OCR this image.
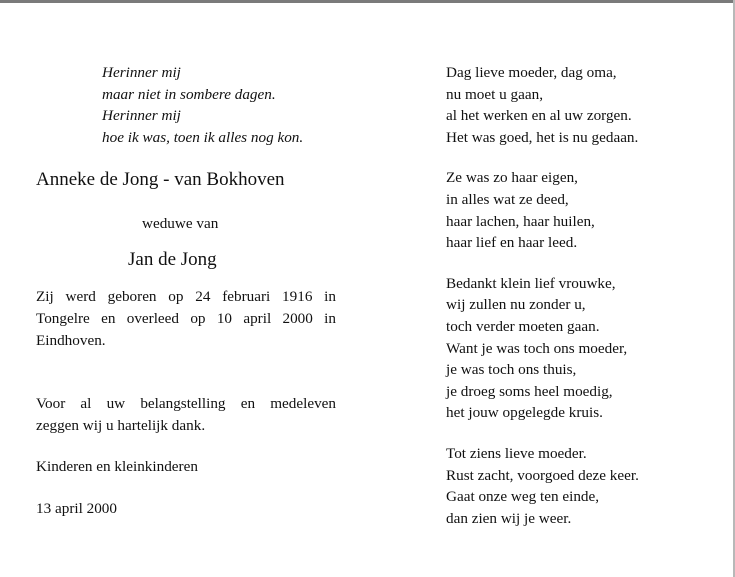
Herinner mij
maar niet in sombere dagen.
Herinner mij
hoe ik was, toen ik alles nog kon.
Anneke de Jong - van Bokhoven
weduwe van
Jan de Jong
Zij werd geboren op 24 februari 1916 in
Tongelre en overleed op 10 april 2000 in
Eindhoven.
Voor al uw belangstelling en medeleven
zeggen wij u hartelijk dank.
Kinderen en kleinkinderen
13 april 2000
Dag lieve moeder, dag oma,
nu moet u gaan,
al het werken en al uw zorgen.
Het was goed, het is nu gedaan.
Ze was zo haar eigen,
in alles wat ze deed,
haar lachen, haar huilen,
haar lief en haar leed.
Bedankt klein lief vrouwke,
wij zullen nu zonder u,
toch verder moeten gaan.
Want je was toch ons moeder,
je was toch ons thuis,
je droeg soms heel moedig,
het jouw opgelegde kruis.
Tot ziens lieve moeder.
Rust zacht, voorgoed deze keer.
Gaat onze weg ten einde,
dan zien wij je weer.
